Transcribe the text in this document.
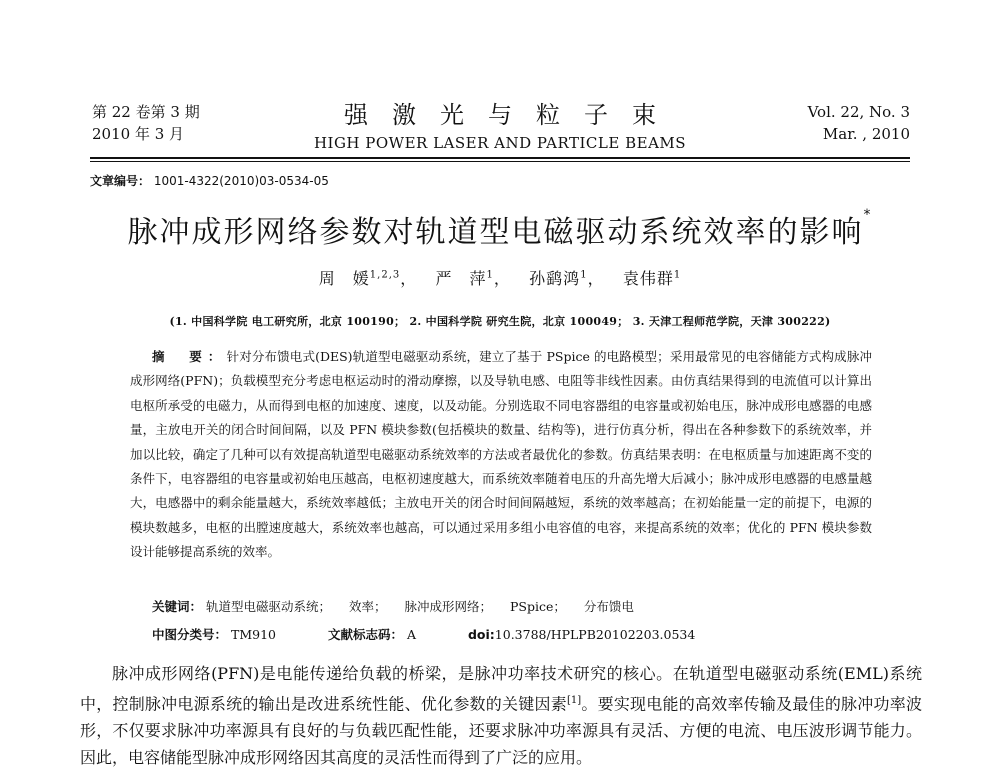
第 22 卷第 3 期
2010 年 3 月
强激光与粒子束
HIGH POWER LASER AND PARTICLE BEAMS
Vol. 22, No. 3
Mar. , 2010
文章编号： 1001-4322(2010)03-0534-05
脉冲成形网络参数对轨道型电磁驱动系统效率的影响*
周　媛$^{1,2,3}$，   严　萍$^1$，   孙鹞鸿$^1$，   袁伟群$^1$
(1. 中国科学院 电工研究所，北京 100190； 2. 中国科学院 研究生院，北京 100049； 3. 天津工程师范学院，天津 300222)
摘　要：针对分布馈电式(DES)轨道型电磁驱动系统，建立了基于 PSpice 的电路模型；采用最常见的电容储能方式构成脉冲成形网络(PFN)；负载模型充分考虑电枢运动时的滑动摩擦，以及导轨电感、电阻等非线性因素。由仿真结果得到的电流值可以计算出电枢所承受的电磁力，从而得到电枢的加速度、速度，以及动能。分别选取不同电容器组的电容量或初始电压，脉冲成形电感器的电感量，主放电开关的闭合时间间隔，以及 PFN 模块参数(包括模块的数量、结构等)，进行仿真分析，得出在各种参数下的系统效率，并加以比较，确定了几种可以有效提高轨道型电磁驱动系统效率的方法或者最优化的参数。仿真结果表明：在电枢质量与加速距离不变的条件下，电容器组的电容量或初始电压越高，电枢初速度越大，而系统效率随着电压的升高先增大后减小；脉冲成形电感器的电感量越大，电感器中的剩余能量越大，系统效率越低；主放电开关的闭合时间间隔越短，系统的效率越高；在初始能量一定的前提下，电源的模块数越多，电枢的出膛速度越大，系统效率也越高，可以通过采用多组小电容值的电容，来提高系统的效率；优化的 PFN 模块参数设计能够提高系统的效率。
关键词： 轨道型电磁驱动系统； 效率； 脉冲成形网络； PSpice； 分布馈电
中图分类号： TM910	文献标志码： A	doi:10.3788/HPLPB20102203.0534

脉冲成形网络(PFN)是电能传递给负载的桥梁，是脉冲功率技术研究的核心。在轨道型电磁驱动系统(EML)系统中，控制脉冲电源系统的输出是改进系统性能、优化参数的关键因素[1]。要实现电能的高效率传输及最佳的脉冲功率波形，不仅要求脉冲功率源具有良好的与负载匹配性能，还要求脉冲功率源具有灵活、方便的电流、电压波形调节能力。因此，电容储能型脉冲成形网络因其高度的灵活性而得到了广泛的应用。
